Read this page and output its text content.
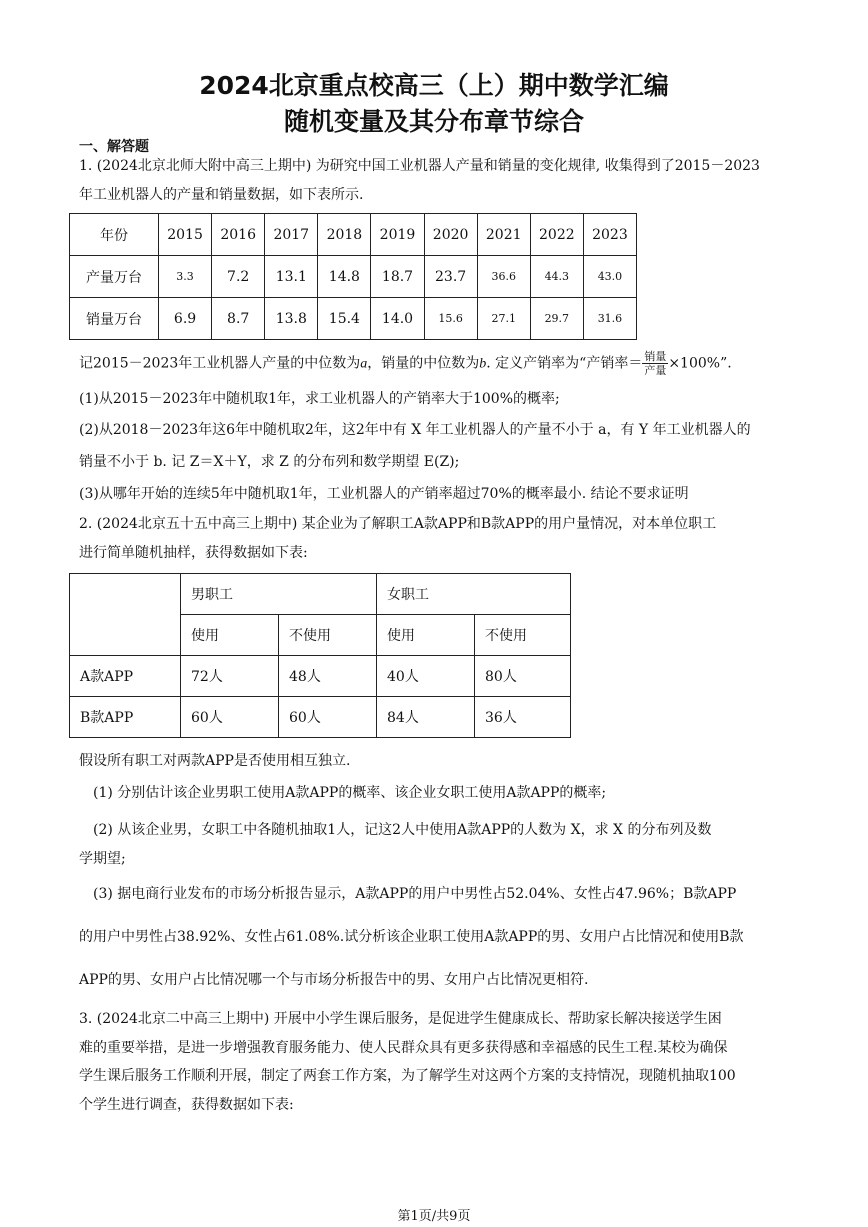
2024北京重点校高三（上）期中数学汇编
随机变量及其分布章节综合
一、解答题
1. (2024北京北师大附中高三上期中) 为研究中国工业机器人产量和销量的变化规律, 收集得到了2015－2023
年工业机器人的产量和销量数据，如下表所示.
年份	2015	2016	2017	2018	2019	2020	2021	2022	2023
产量万台	3.3	7.2	13.1	14.8	18.7	23.7	36.6	44.3	43.0
销量万台	6.9	8.7	13.8	15.4	14.0	15.6	27.1	29.7	31.6
记2015－2023年工业机器人产量的中位数为a，销量的中位数为b. 定义产销率为“产销率＝ $\frac{\text{销量}}{\text{产量}} \times 100\%$”.
(1)从2015－2023年中随机取1年，求工业机器人的产销率大于100%的概率;
(2)从2018－2023年这6年中随机取2年，这2年中有 X 年工业机器人的产量不小于 a，有 Y 年工业机器人的
销量不小于 b. 记 Z＝X＋Y，求 Z 的分布列和数学期望 E(Z);
(3)从哪年开始的连续5年中随机取1年，工业机器人的产销率超过70%的概率最小. 结论不要求证明
2. (2024北京五十五中高三上期中) 某企业为了解职工A款APP和B款APP的用户量情况，对本单位职工
进行简单随机抽样，获得数据如下表:
	男职工		女职工	
	使用	不使用	使用	不使用
A款APP	72人	48人	40人	80人
B款APP	60人	60人	84人	36人
假设所有职工对两款APP是否使用相互独立.
(1) 分别估计该企业男职工使用A款APP的概率、该企业女职工使用A款APP的概率;
(2) 从该企业男，女职工中各随机抽取1人，记这2人中使用A款APP的人数为 X，求 X 的分布列及数
学期望;
(3) 据电商行业发布的市场分析报告显示，A款APP的用户中男性占52.04%、女性占47.96%；B款APP
的用户中男性占38.92%、女性占61.08%.试分析该企业职工使用A款APP的男、女用户占比情况和使用B款
APP的男、女用户占比情况哪一个与市场分析报告中的男、女用户占比情况更相符.
3. (2024北京二中高三上期中) 开展中小学生课后服务，是促进学生健康成长、帮助家长解决接送学生困
难的重要举措，是进一步增强教育服务能力、使人民群众具有更多获得感和幸福感的民生工程.某校为确保
学生课后服务工作顺利开展，制定了两套工作方案，为了解学生对这两个方案的支持情况，现随机抽取100
个学生进行调查，获得数据如下表:
第1页/共9页
